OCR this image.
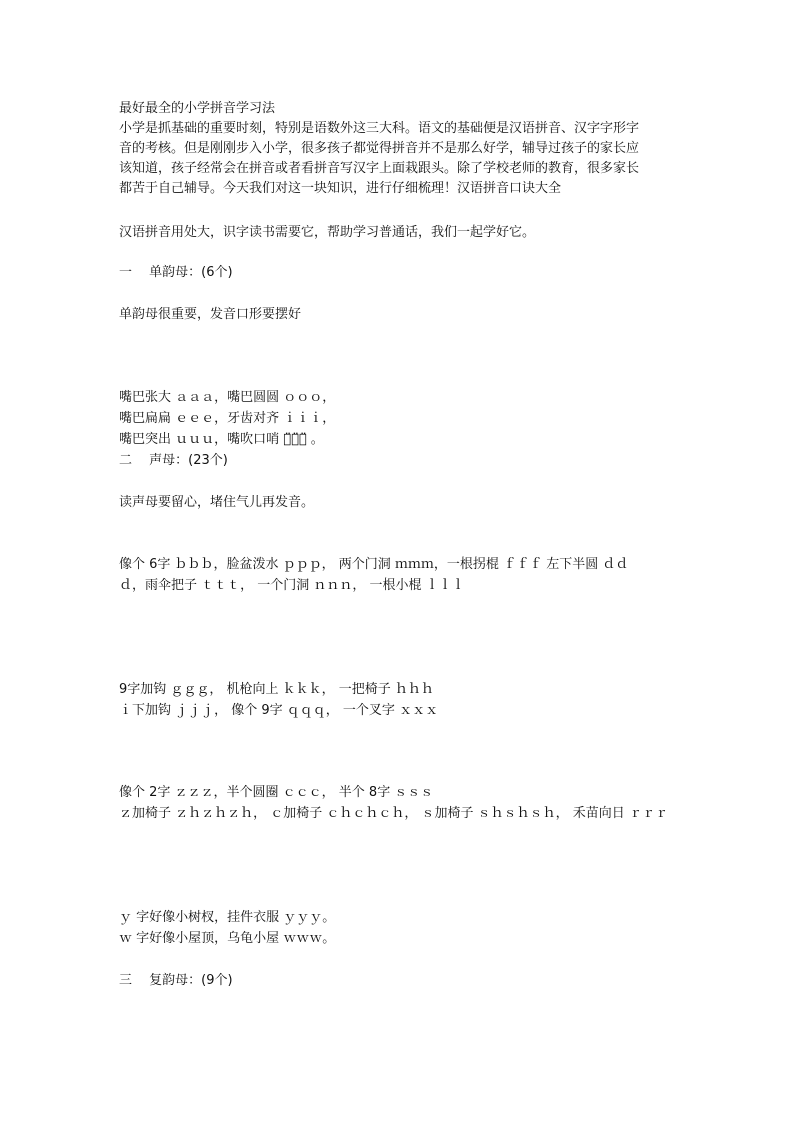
最好最全的小学拼音学习法
小学是抓基础的重要时刻，特别是语数外这三大科。语文的基础便是汉语拼音、汉字字形字
音的考核。但是刚刚步入小学，很多孩子都觉得拼音并不是那么好学，辅导过孩子的家长应
该知道，孩子经常会在拼音或者看拼音写汉字上面栽跟头。除了学校老师的教育，很多家长
都苦于自己辅导。今天我们对这一块知识，进行仔细梳理！汉语拼音口诀大全
汉语拼音用处大，识字读书需要它，帮助学习普通话，我们一起学好它。
一　 单韵母：(6个)
单韵母很重要，发音口形要摆好
嘴巴张大 ａａａ，嘴巴圆圆 ｏｏｏ，
嘴巴扁扁 ｅｅｅ，牙齿对齐 ｉｉｉ，
嘴巴突出 ｕｕｕ，嘴吹口哨 ｕ̈ｕ̈ｕ̈ 。
二　 声母：(23个)
读声母要留心，堵住气儿再发音。
像个 6字 ｂｂｂ，脸盆泼水 ｐｐｐ， 两个门洞 ｍｍｍ，一根拐棍 ｆｆｆ 左下半圆 ｄｄ
ｄ，雨伞把子 ｔｔｔ， 一个门洞 ｎｎｎ， 一根小棍 ｌｌｌ
9字加钩 ｇｇｇ， 机枪向上 ｋｋｋ， 一把椅子 ｈｈｈ
ｉ下加钩 ｊｊｊ， 像个 9字 ｑｑｑ， 一个叉字 ｘｘｘ
像个 2字 ｚｚｚ，半个圆圈 ｃｃｃ， 半个 8字 ｓｓｓ
ｚ加椅子 ｚｈｚｈｚｈ， ｃ加椅子 ｃｈｃｈｃｈ， ｓ加椅子 ｓｈｓｈｓｈ， 禾苗向日 ｒｒｒ
ｙ 字好像小树杈，挂件衣服 ｙｙｙ。
ｗ 字好像小屋顶，乌龟小屋 ｗｗｗ。
三　 复韵母：(9个)
